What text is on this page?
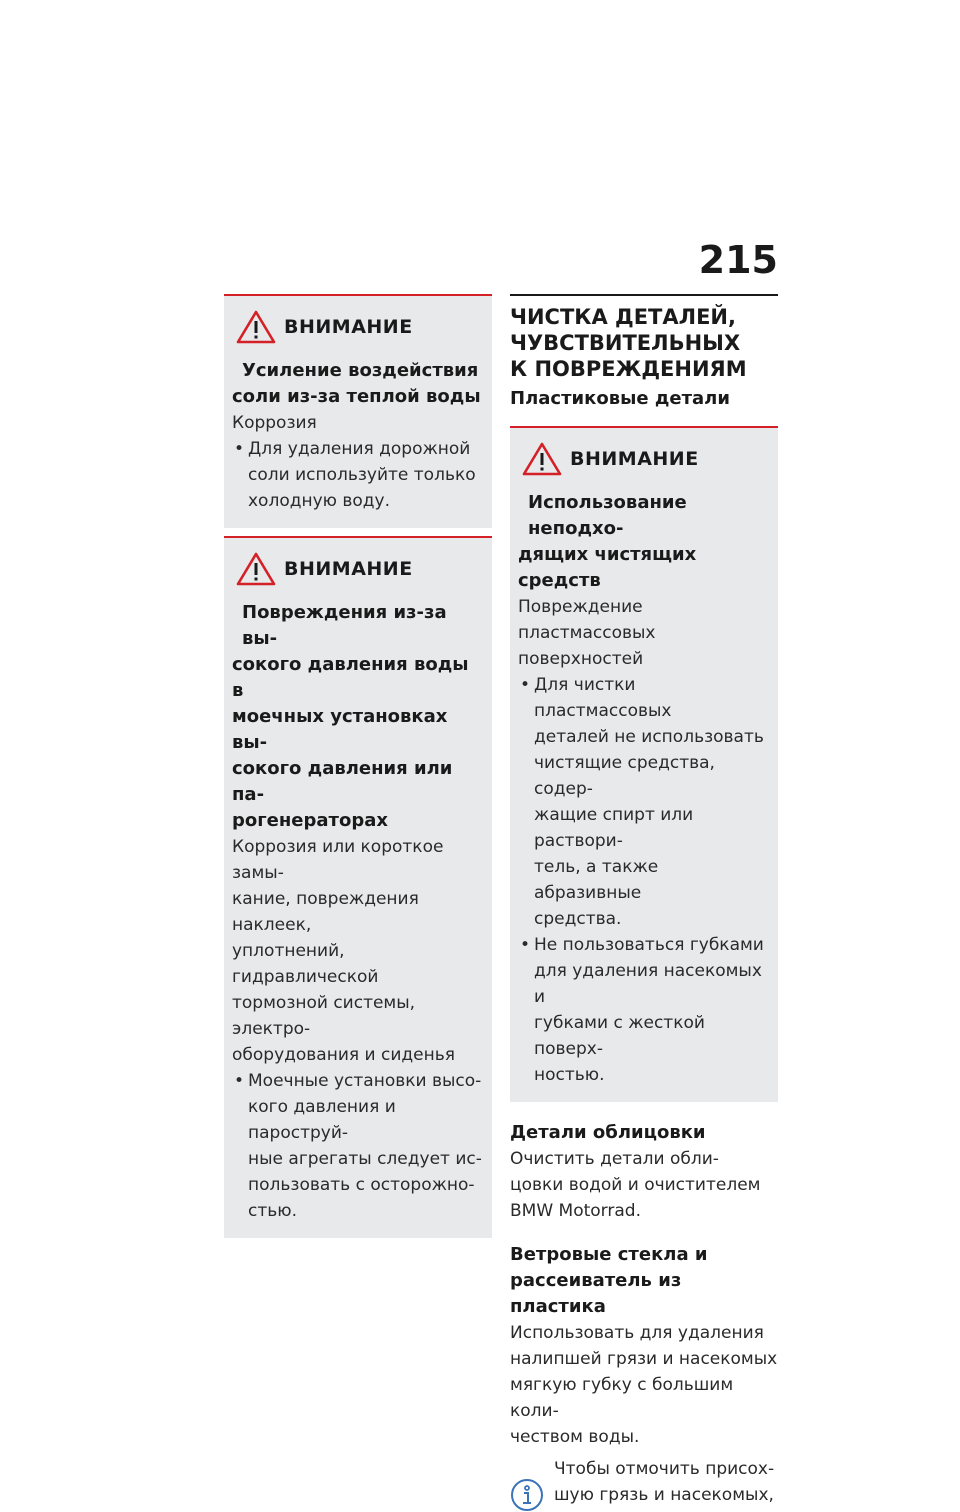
215
ВНИМАНИЕ
Усиление воздействия
соли из-за теплой воды
Коррозия
• Для удаления дорожной
соли используйте только
холодную воду.
ВНИМАНИЕ
Повреждения из-за вы-
сокого давления воды в
моечных установках вы-
сокого давления или па-
рогенераторах
Коррозия или короткое замы-
кание, повреждения наклеек,
уплотнений, гидравлической
тормозной системы, электро-
оборудования и сиденья
• Моечные установки высо-
кого давления и пароструй-
ные агрегаты следует ис-
пользовать с осторожно-
стью.
ЧИСТКА ДЕТАЛЕЙ,
ЧУВСТВИТЕЛЬНЫХ
К ПОВРЕЖДЕНИЯМ
Пластиковые детали
ВНИМАНИЕ
Использование неподхо-
дящих чистящих средств
Повреждение пластмассовых
поверхностей
• Для чистки пластмассовых
деталей не использовать
чистящие средства, содер-
жащие спирт или раствори-
тель, а также абразивные
средства.
• Не пользоваться губками
для удаления насекомых и
губками с жесткой поверх-
ностью.
Детали облицовки
Очистить детали обли-
цовки водой и очистителем
BMW Motorrad.
Ветровые стекла и
рассеиватель из пластика
Использовать для удаления
налипшей грязи и насекомых
мягкую губку с большим коли-
чеством воды.
Чтобы отмочить присох-
шую грязь и насекомых,
